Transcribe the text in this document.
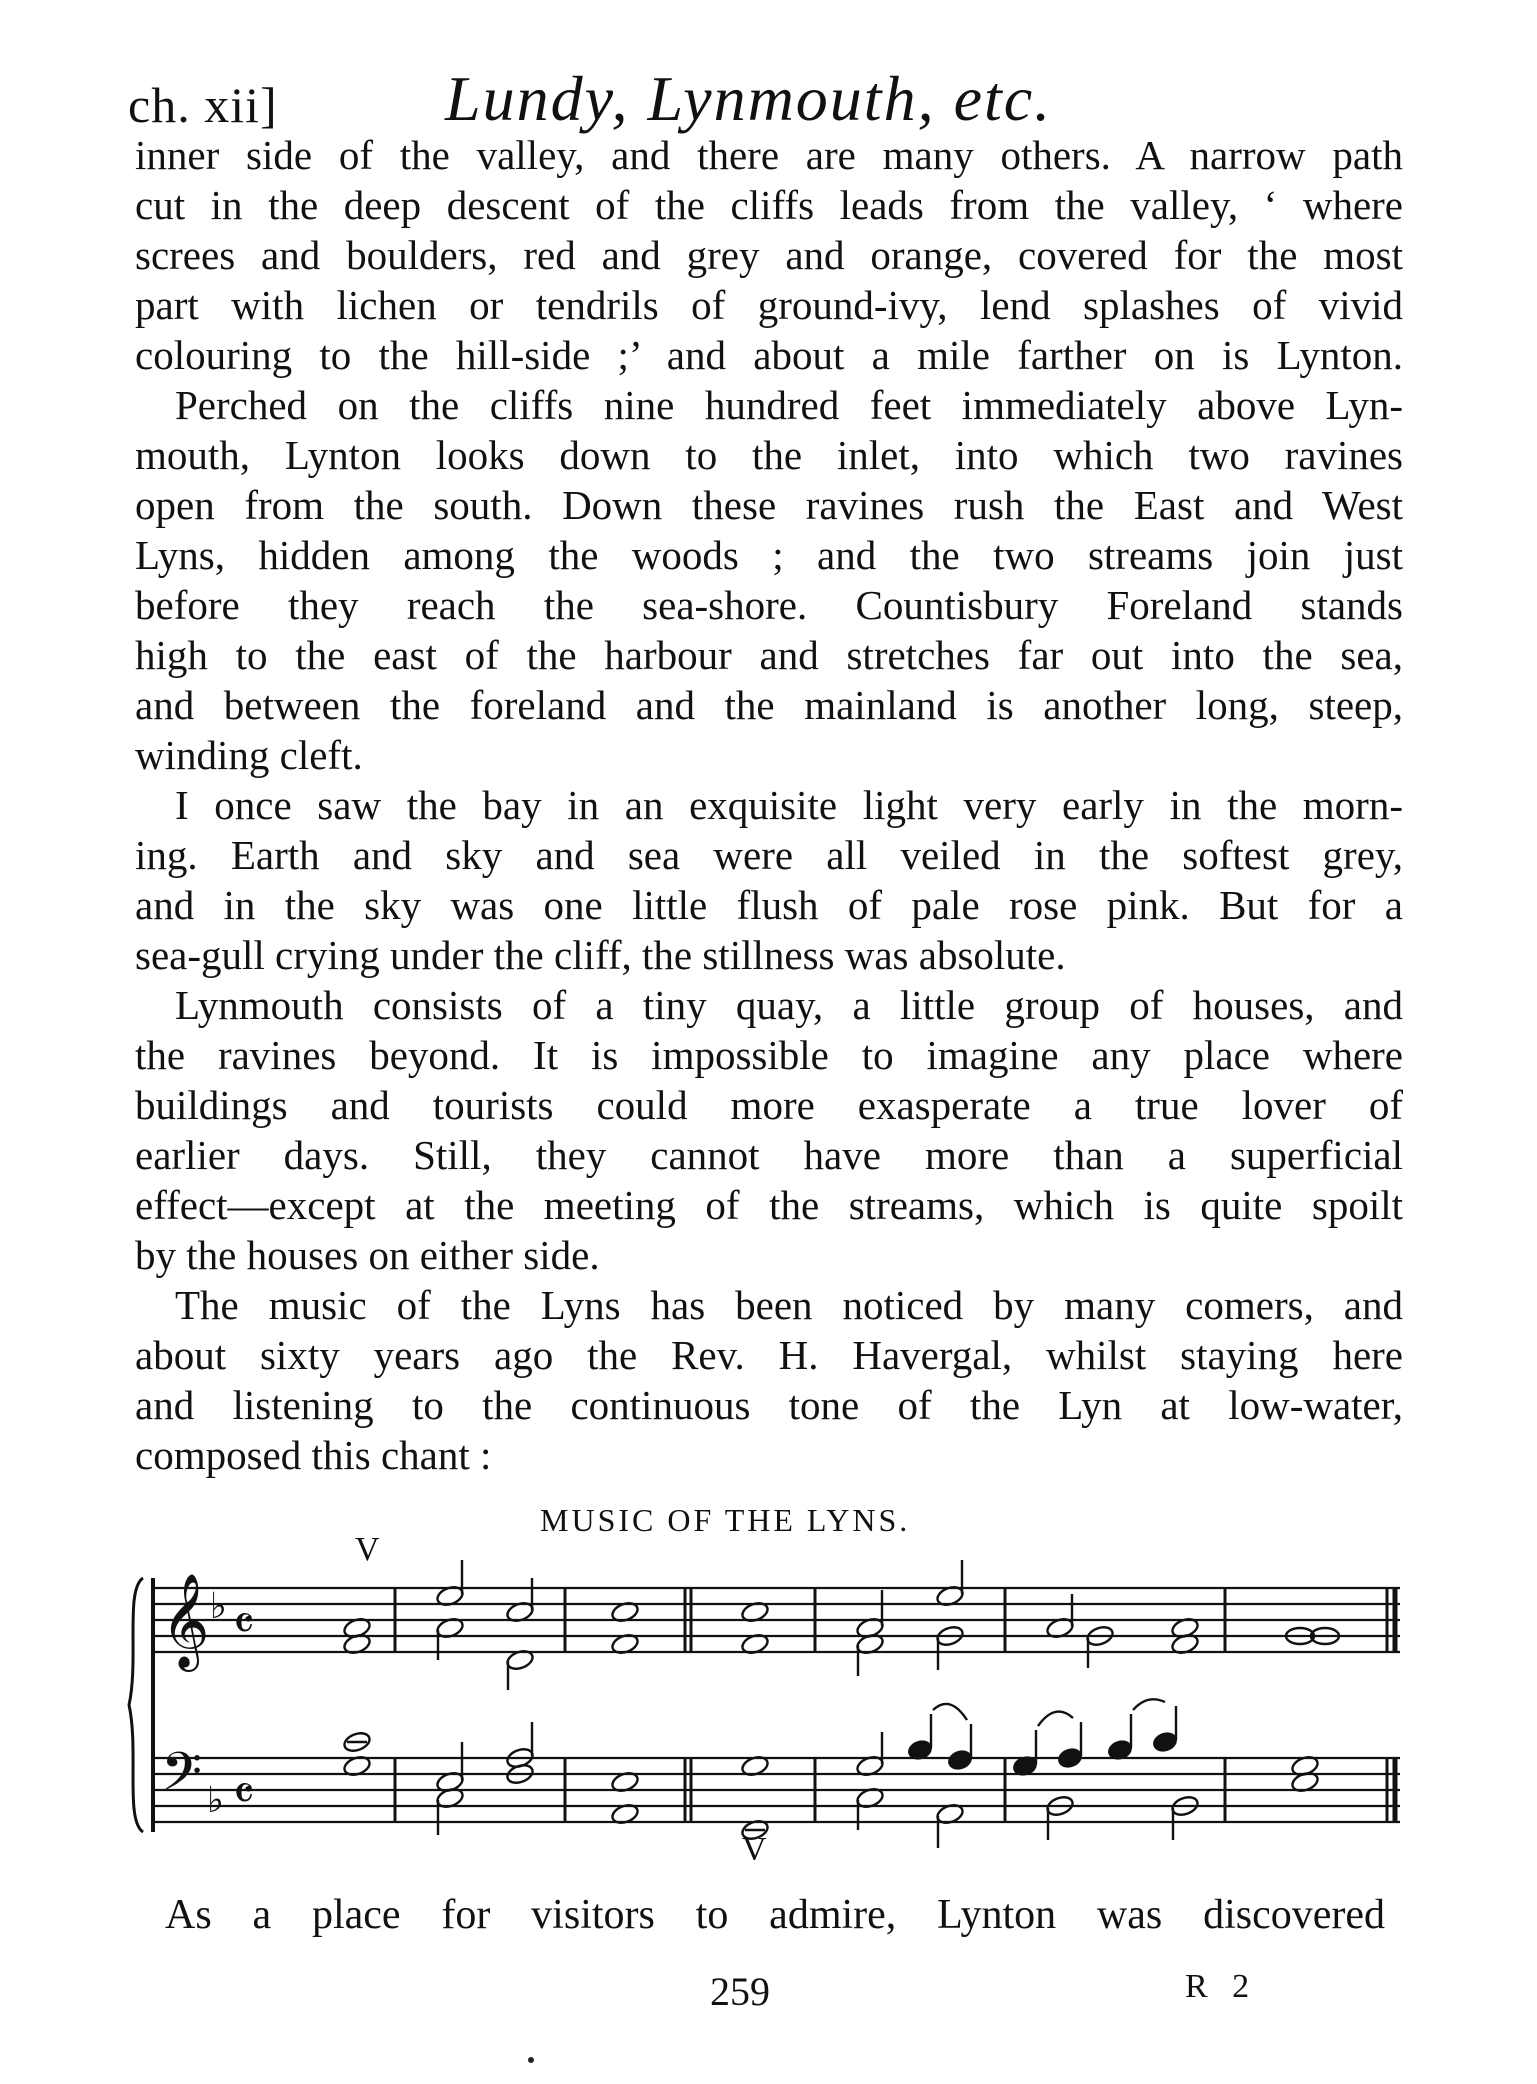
ch. xii]	Lundy, Lynmouth, etc.
inner side of the valley, and there are many others. A narrow path
cut in the deep descent of the cliffs leads from the valley, ‘ where
screes and boulders, red and grey and orange, covered for the most
part with lichen or tendrils of ground-ivy, lend splashes of vivid
colouring to the hill-side ;’ and about a mile farther on is Lynton.
Perched on the cliffs nine hundred feet immediately above Lyn-
mouth, Lynton looks down to the inlet, into which two ravines
open from the south. Down these ravines rush the East and West
Lyns, hidden among the woods ; and the two streams join just
before they reach the sea-shore. Countisbury Foreland stands
high to the east of the harbour and stretches far out into the sea,
and between the foreland and the mainland is another long, steep,
winding cleft.
I once saw the bay in an exquisite light very early in the morn-
ing. Earth and sky and sea were all veiled in the softest grey,
and in the sky was one little flush of pale rose pink. But for a
sea-gull crying under the cliff, the stillness was absolute.
Lynmouth consists of a tiny quay, a little group of houses, and
the ravines beyond. It is impossible to imagine any place where
buildings and tourists could more exasperate a true lover of
earlier days. Still, they cannot have more than a superficial
effect—except at the meeting of the streams, which is quite spoilt
by the houses on either side.
The music of the Lyns has been noticed by many comers, and
about sixty years ago the Rev. H. Havergal, whilst staying here
and listening to the continuous tone of the Lyn at low-water,
composed this chant :
MUSIC OF THE LYNS.
𝄞 ♭ 𝄴
𝄢 ♭ 𝄴
V
V
As a place for visitors to admire, Lynton was discovered
259	R 2
